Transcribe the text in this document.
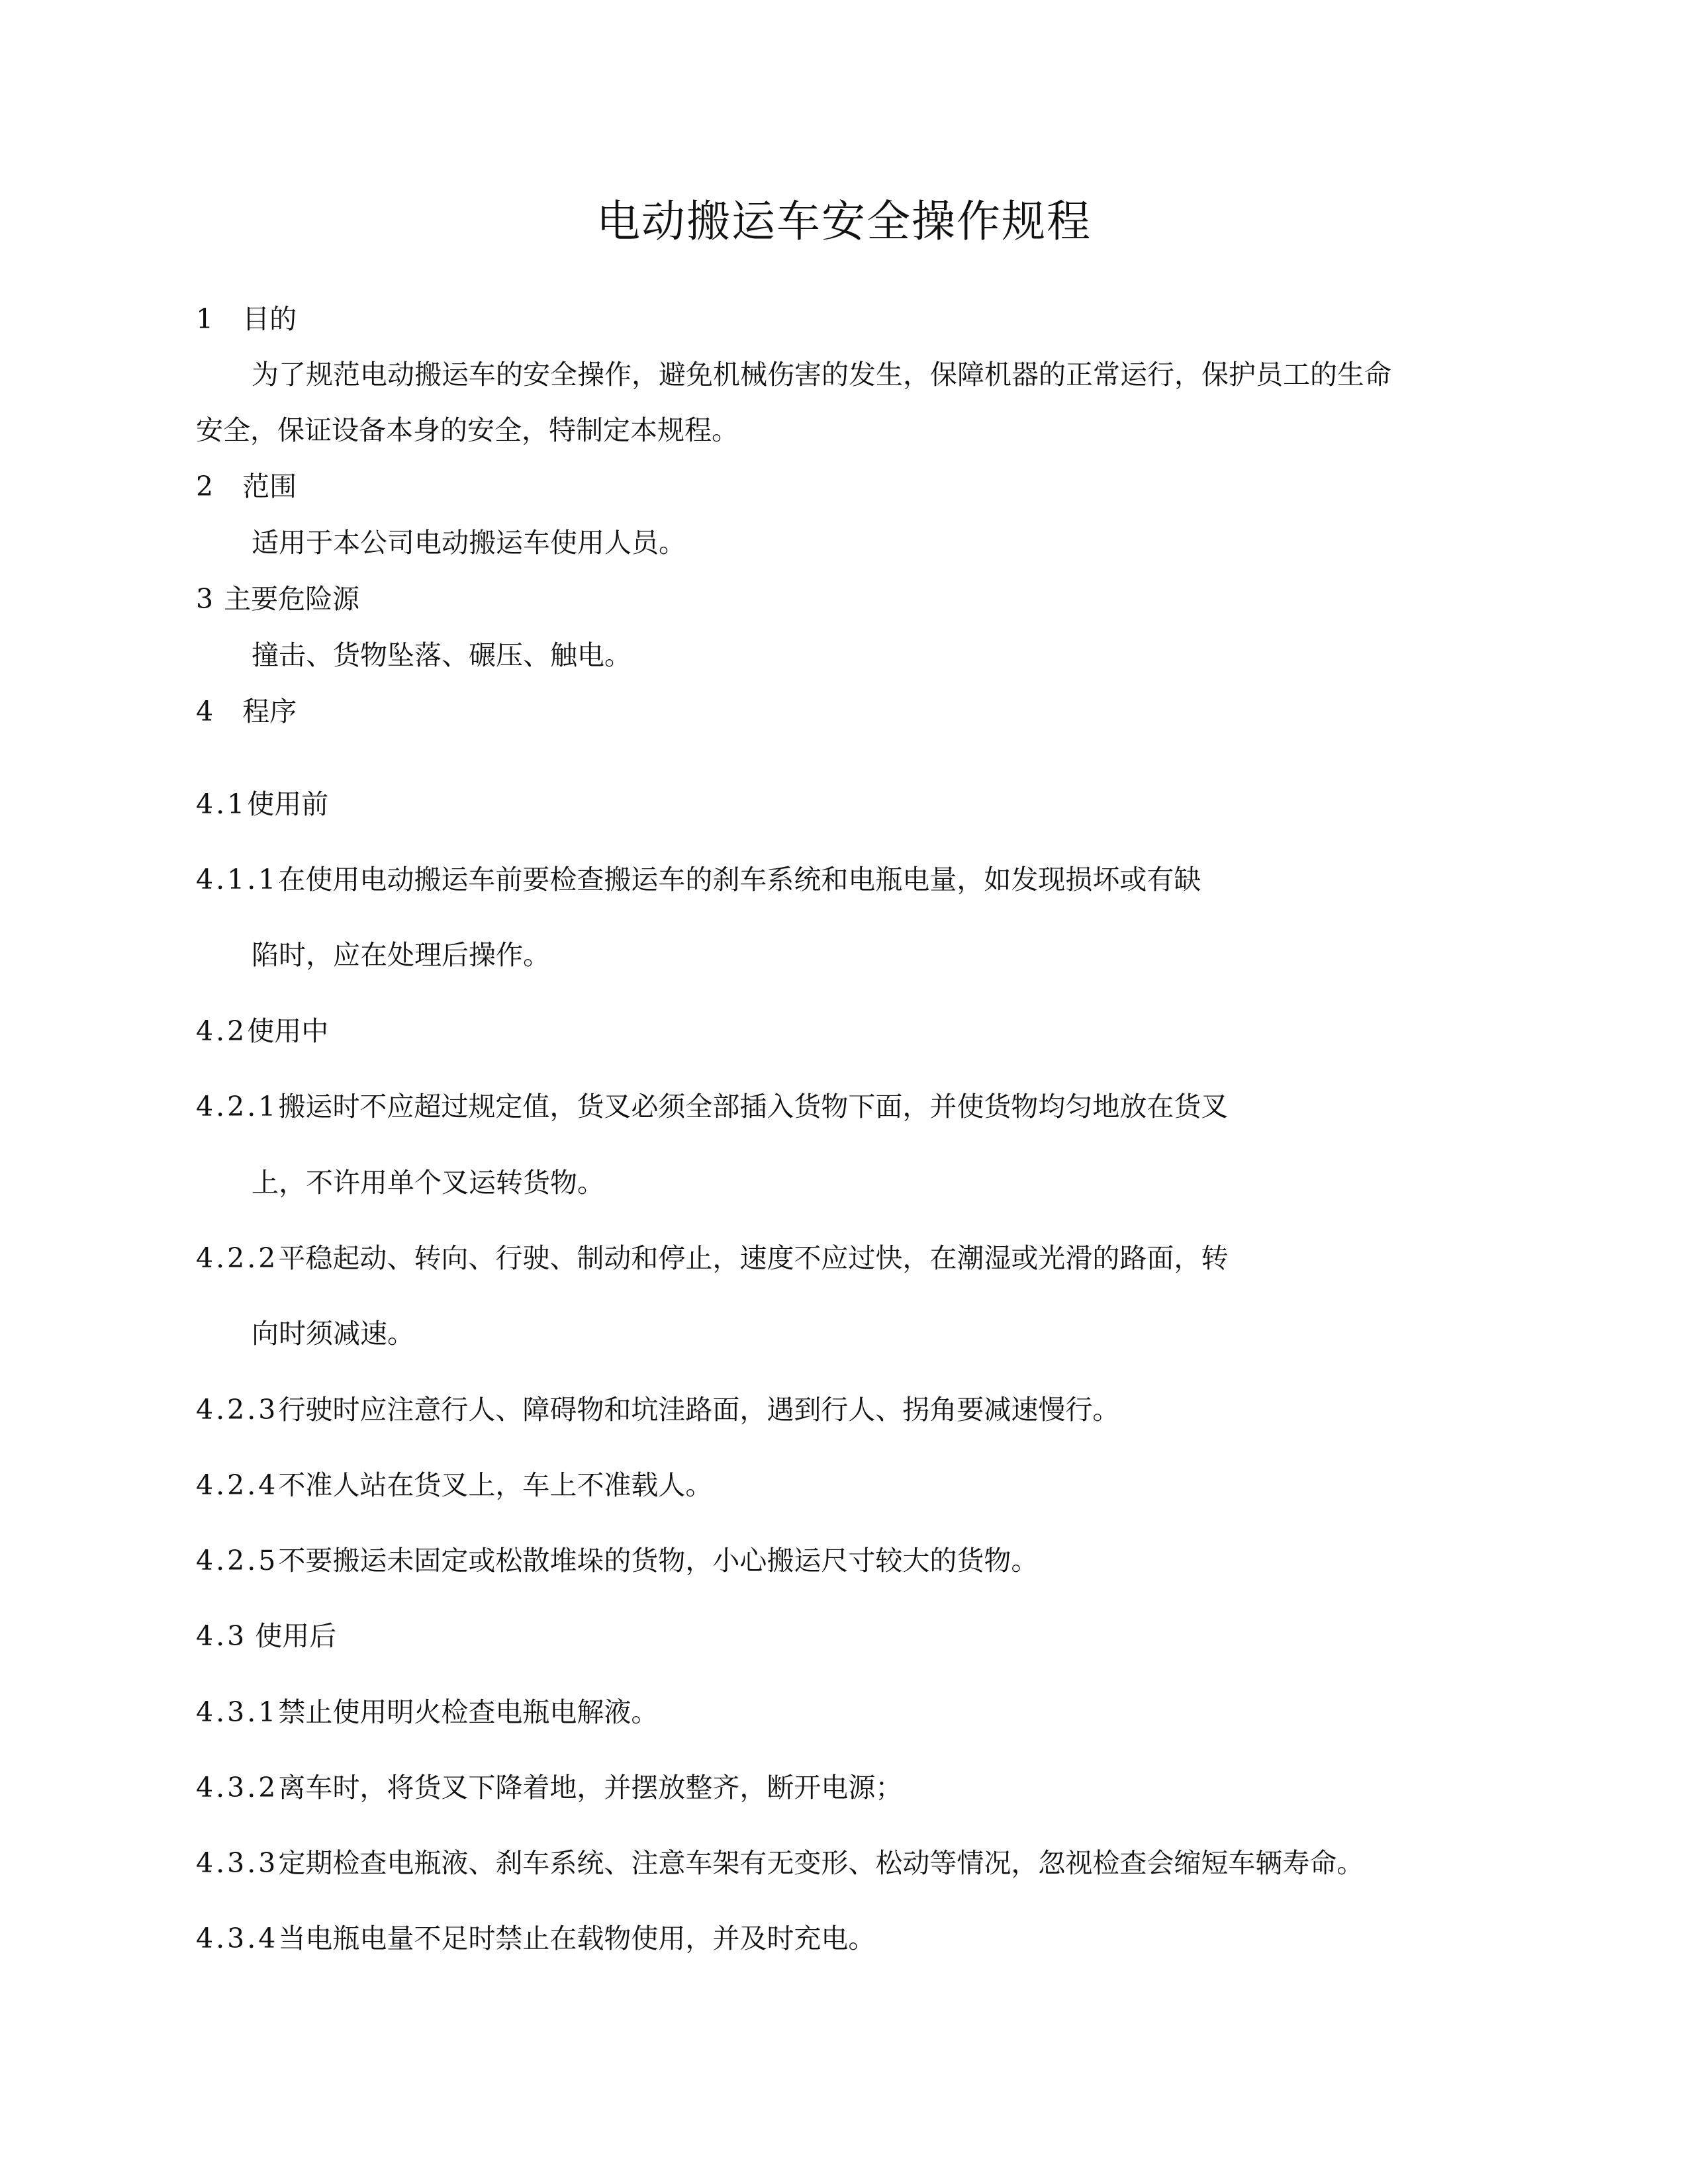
电动搬运车安全操作规程

1 目的

为了规范电动搬运车的安全操作，避免机械伤害的发生，保障机器的正常运行，保护员工的生命

安全，保证设备本身的安全，特制定本规程。

2 范围

适用于本公司电动搬运车使用人员。

3 主要危险源

撞击、货物坠落、碾压、触电。

4 程序

4.1使用前

4.1.1在使用电动搬运车前要检查搬运车的刹车系统和电瓶电量，如发现损坏或有缺

陷时，应在处理后操作。

4.2使用中

4.2.1搬运时不应超过规定值，货叉必须全部插入货物下面，并使货物均匀地放在货叉

上，不许用单个叉运转货物。

4.2.2平稳起动、转向、行驶、制动和停止，速度不应过快，在潮湿或光滑的路面，转

向时须减速。

4.2.3行驶时应注意行人、障碍物和坑洼路面，遇到行人、拐角要减速慢行。

4.2.4不准人站在货叉上，车上不准载人。

4.2.5不要搬运未固定或松散堆垛的货物，小心搬运尺寸较大的货物。

4.3 使用后

4.3.1禁止使用明火检查电瓶电解液。

4.3.2离车时，将货叉下降着地，并摆放整齐，断开电源；

4.3.3定期检查电瓶液、刹车系统、注意车架有无变形、松动等情况，忽视检查会缩短车辆寿命。

4.3.4当电瓶电量不足时禁止在载物使用，并及时充电。
